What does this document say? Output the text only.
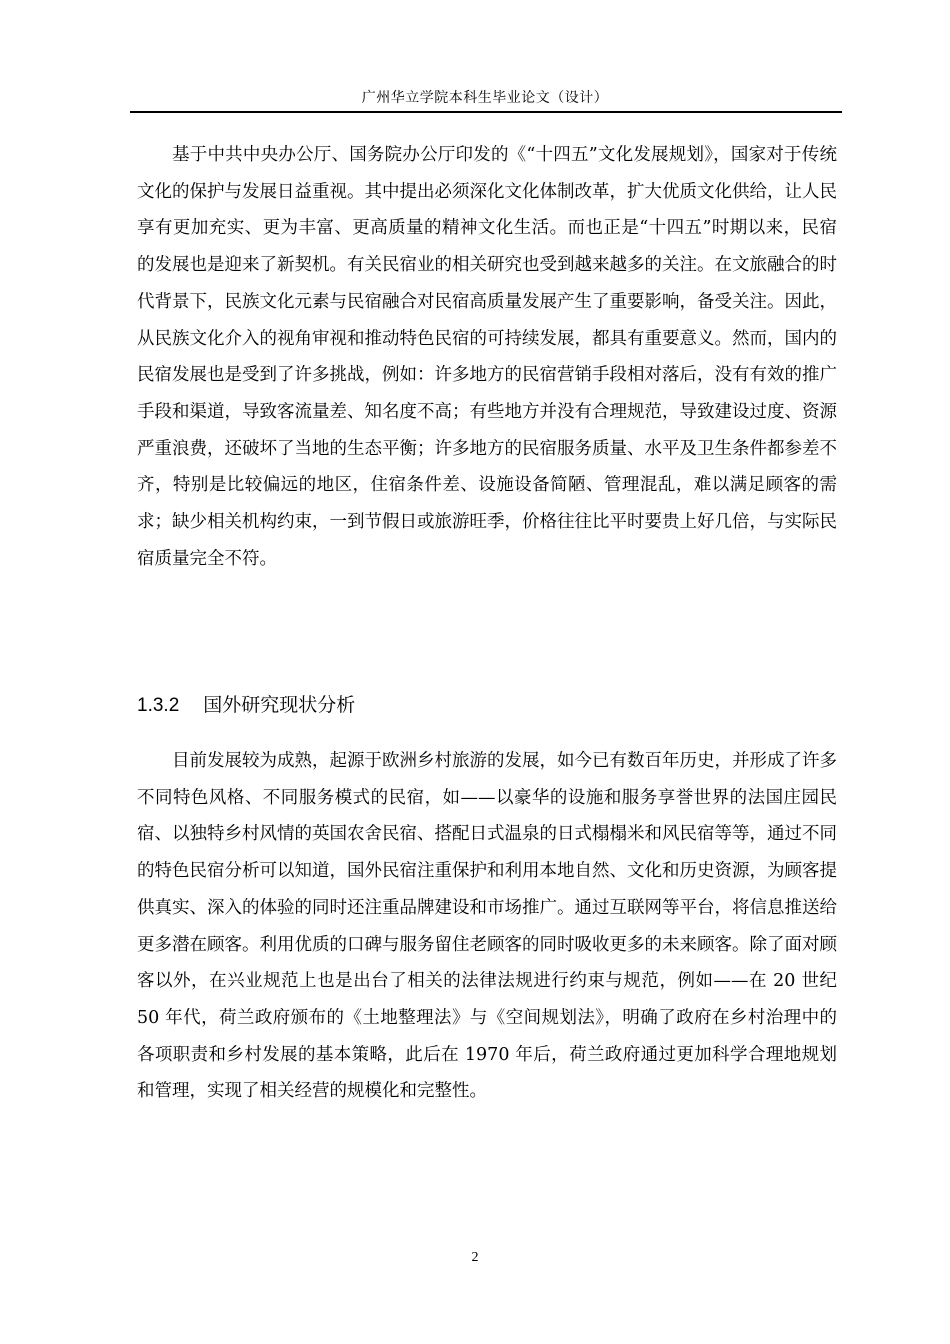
广州华立学院本科生毕业论文（设计）

基于中共中央办公厅、国务院办公厅印发的《“十四五”文化发展规划》，国家对于传统文化的保护与发展日益重视。其中提出必须深化文化体制改革，扩大优质文化供给，让人民享有更加充实、更为丰富、更高质量的精神文化生活。而也正是“十四五”时期以来，民宿的发展也是迎来了新契机。有关民宿业的相关研究也受到越来越多的关注。在文旅融合的时代背景下，民族文化元素与民宿融合对民宿高质量发展产生了重要影响，备受关注。因此，从民族文化介入的视角审视和推动特色民宿的可持续发展，都具有重要意义。然而，国内的民宿发展也是受到了许多挑战，例如：许多地方的民宿营销手段相对落后，没有有效的推广手段和渠道，导致客流量差、知名度不高；有些地方并没有合理规范，导致建设过度、资源严重浪费，还破坏了当地的生态平衡；许多地方的民宿服务质量、水平及卫生条件都参差不齐，特别是比较偏远的地区，住宿条件差、设施设备简陋、管理混乱，难以满足顾客的需求；缺少相关机构约束，一到节假日或旅游旺季，价格往往比平时要贵上好几倍，与实际民宿质量完全不符。

1.3.2 国外研究现状分析

目前发展较为成熟，起源于欧洲乡村旅游的发展，如今已有数百年历史，并形成了许多不同特色风格、不同服务模式的民宿，如——以豪华的设施和服务享誉世界的法国庄园民宿、以独特乡村风情的英国农舍民宿、搭配日式温泉的日式榻榻米和风民宿等等，通过不同的特色民宿分析可以知道，国外民宿注重保护和利用本地自然、文化和历史资源，为顾客提供真实、深入的体验的同时还注重品牌建设和市场推广。通过互联网等平台，将信息推送给更多潜在顾客。利用优质的口碑与服务留住老顾客的同时吸收更多的未来顾客。除了面对顾客以外，在兴业规范上也是出台了相关的法律法规进行约束与规范，例如——在 20 世纪 50 年代，荷兰政府颁布的《土地整理法》与《空间规划法》，明确了政府在乡村治理中的各项职责和乡村发展的基本策略，此后在 1970 年后，荷兰政府通过更加科学合理地规划和管理，实现了相关经营的规模化和完整性。

2
